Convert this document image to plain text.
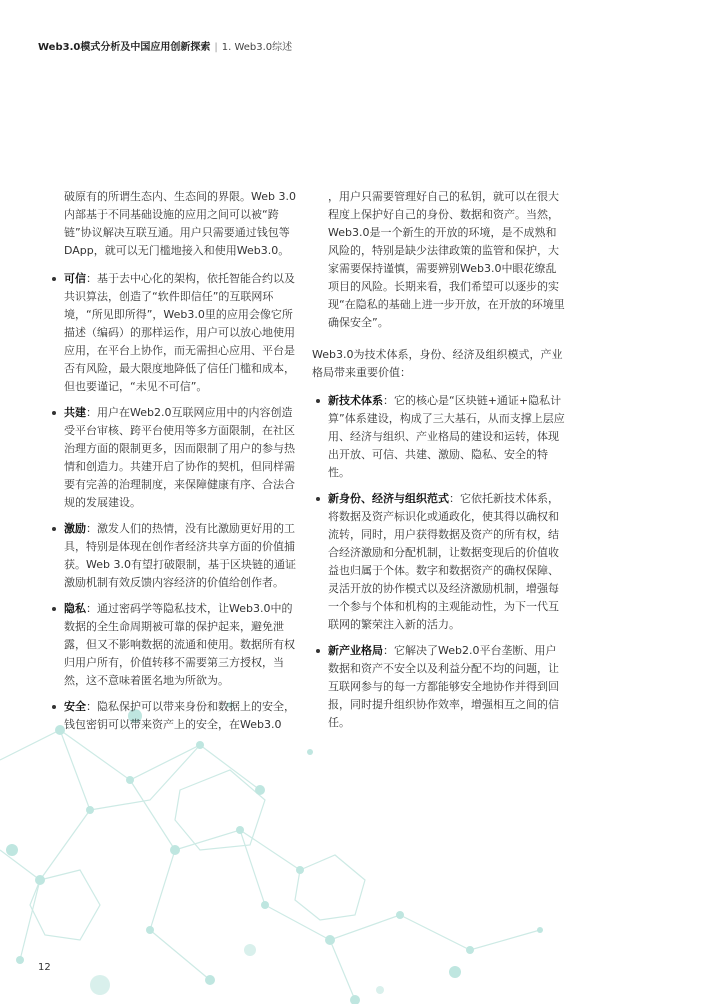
Web3.0模式分析及中国应用创新探索 | 1. Web3.0综述

破原有的所谓生态内、生态间的界限。Web 3.0内部基于不同基础设施的应用之间可以被“跨链”协议解决互联互通。用户只需要通过钱包等DApp，就可以无门槛地接入和使用Web3.0。

可信：基于去中心化的架构，依托智能合约以及共识算法，创造了“软件即信任”的互联网环境，“所见即所得”，Web3.0里的应用会像它所描述（编码）的那样运作，用户可以放心地使用应用，在平台上协作，而无需担心应用、平台是否有风险，最大限度地降低了信任门槛和成本，但也要谨记，“未见不可信”。
共建：用户在Web2.0互联网应用中的内容创造受平台审核、跨平台使用等多方面限制，在社区治理方面的限制更多，因而限制了用户的参与热情和创造力。共建开启了协作的契机，但同样需要有完善的治理制度，来保障健康有序、合法合规的发展建设。
激励：激发人们的热情，没有比激励更好用的工具，特别是体现在创作者经济共享方面的价值捕获。Web 3.0有望打破限制，基于区块链的通证激励机制有效反馈内容经济的价值给创作者。
隐私：通过密码学等隐私技术，让Web3.0中的数据的全生命周期被可靠的保护起来，避免泄露，但又不影响数据的流通和使用。数据所有权归用户所有，价值转移不需要第三方授权，当然，这不意味着匿名地为所欲为。
安全：隐私保护可以带来身份和数据上的安全，钱包密钥可以带来资产上的安全，在Web3.0

，用户只需要管理好自己的私钥，就可以在很大程度上保护好自己的身份、数据和资产。当然，Web3.0是一个新生的开放的环境，是不成熟和风险的，特别是缺少法律政策的监管和保护，大家需要保持谨慎，需要辨别Web3.0中眼花缭乱项目的风险。长期来看，我们希望可以逐步的实现“在隐私的基础上进一步开放，在开放的环境里确保安全”。

Web3.0为技术体系，身份、经济及组织模式，产业格局带来重要价值：

新技术体系：它的核心是“区块链+通证+隐私计算”体系建设，构成了三大基石，从而支撑上层应用、经济与组织、产业格局的建设和运转，体现出开放、可信、共建、激励、隐私、安全的特性。
新身份、经济与组织范式：它依托新技术体系，将数据及资产标识化或通政化，使其得以确权和流转，同时，用户获得数据及资产的所有权，结合经济激励和分配机制，让数据变现后的价值收益也归属于个体。数字和数据资产的确权保障、灵活开放的协作模式以及经济激励机制，增强每一个参与个体和机构的主观能动性，为下一代互联网的繁荣注入新的活力。
新产业格局：它解决了Web2.0平台垄断、用户数据和资产不安全以及利益分配不均的问题，让互联网参与的每一方都能够安全地协作并得到回报，同时提升组织协作效率，增强相互之间的信任。
12
